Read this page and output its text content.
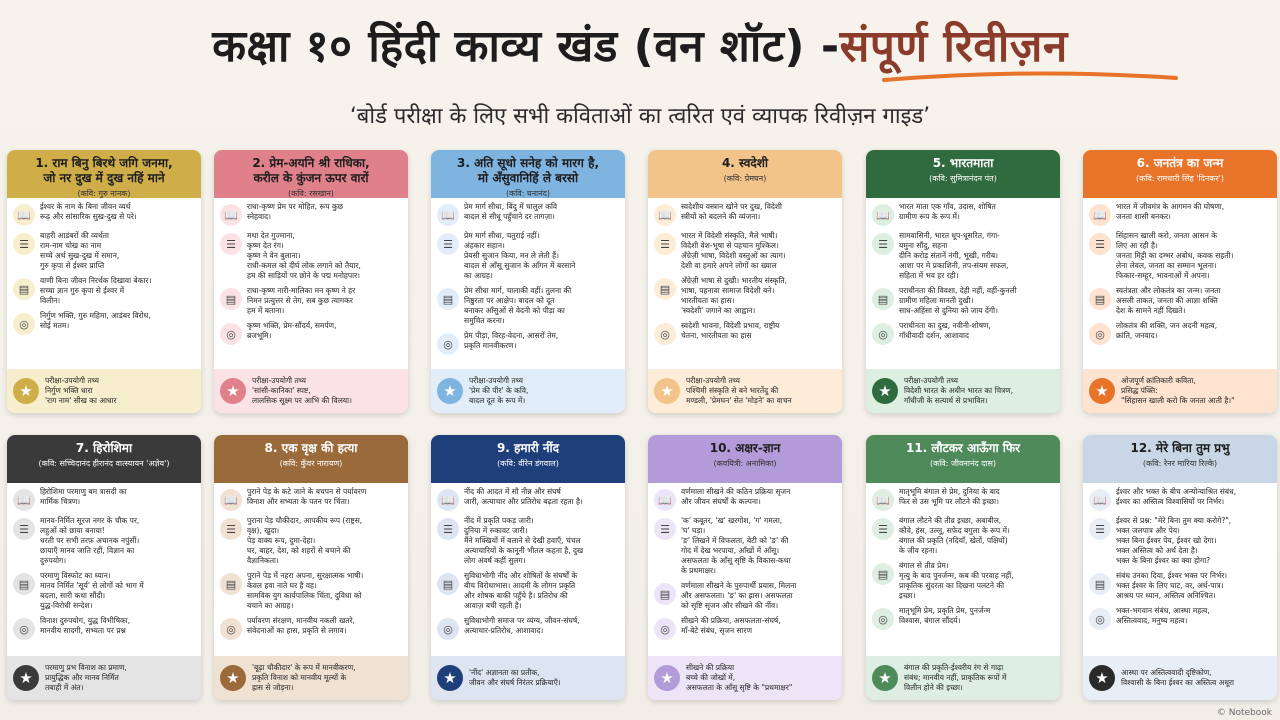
कक्षा १० हिंदी काव्य खंड (वन शॉट) -संपूर्ण रिवीज़न
‘बोर्ड परीक्षा के लिए सभी कविताओं का त्वरित एवं व्यापक रिवीज़न गाइड’
1. राम बिनु बिरथे जगि जनमा,
जो नर दुख में दुख नहिं माने
(कवि: गुरु नानक)
📖
ईश्वर के नाम के बिना जीवन व्यर्थ
रूढ़ और सांसारिक सुख-दुख से परे।
☰
बाहरी आडंबरों की व्यर्थता
राम-नाम चोख का नाम
सच्चे अर्थ सुख-दुख में समान,
गुरु कृपा से ईश्वर प्राप्ति
▤
वाणी बिना जीवन निरर्थक दिखावा बेकार।
सच्चा ज्ञान गुरु कृपा से ईश्वर में
विलीन।
◎
निर्गुण भक्ति, गुरु महिमा, आडंबर विरोध,
सोई मतम।
★
परीक्षा-उपयोगी तथ्य
निर्गुण भक्ति धारा
'राग नाम' सीख का आधार
2. प्रेम-अयनि श्री राधिका,
करील के कुंजन ऊपर वारों
(कवि: रसखान)
📖
राधा-कृष्ण प्रेम पर मोहित, रूप कुछ
स्नेहवाद।
☰
मथा देत गुज्माना,
कृष्ण देत रंग।
कृष्ण ने वेन बुलाना।
राधी-कमल को दीर्घ लोक लगाने को तैयार,
हम की साड़ियों पर छोने के पद्म मनोहपार।
▤
राधा-कृष्ण नारी-मालिका मन कृष्ण ने हर
निमन प्रत्युत्तर से तेग, सब कुछ त्यागकर
हम में बताना।
◎
कृष्ण भक्ति, प्रेम-सौंदर्य, समर्पण,
ब्रजभूमि।
★
परीक्षा-उपयोगी तथ्य
'सांसी-कानिका' स्पष्ट,
लालसिक सूक्ष्म पर आभि की विलया।
3. अति सूधो सनेह को मारग है,
मो अँसुवानिहिं ले बरसो
(कवि: घनानंद)
📖
प्रेम मार्ग सीधा, बिंदु में चालुल कवि
बादल से सीधू पहुँचाने दर तागज़ा।
☰
प्रेम मार्ग सीधा, चतुराई नहीं।
अंहकार सहान।
प्रेयसी सुजान किया, मन ले लेती हैं।
बादल से आँसू सुजान के आँगन में बरसाने
का आग्रह।
▤
प्रेम सीधा मार्ग, चालाकी वहीं। तुलना की
निष्ठुरता पर आक्षेप। बादल को दूत
बनाकर आँसुओं से वेदनी को पीड़ा का
समुचित करना।
◎
प्रेम पीड़ा, विरह-वेदना, आसरों तेम,
प्रकृति मानवीकरण।
★
परीक्षा-उपयोगी तथ्य
'प्रेम की पीर' के कवि,
बादल दूत के रूप में।
4. स्वदेशी
(कवि: प्रेमघन)
📖
स्वदेशीय वस्त्रान खोने पर दुख, विदेशी
स्त्रीयों को बदलने की व्यंजना।
☰
भारत में विदेशी संस्कृति, मैले भाषी।
विदेशी वेश-भूषा से पहचान मुश्किल।
अँग्रेज़ी भाषा, विदेशी वस्तुओं का त्याग।
देशी वा हमारे अपने लोगों का ख्याल
▤
अँग्रेज़ी भाषा से दुखी। भारतीय संस्कृति,
भाषा, पहनावा सामाज विदेशी बने।
भारतीयता का हास।
'स्वदेशी' जगाने का आह्वान।
◎
स्वदेशी भावना, विदेशी प्रभाव, राष्ट्रीय
चेतना, भारतीयता का हास
★
परीक्षा-उपयोगी तथ्य
पश्चिमी संस्कृति से बने भारतेंदु की
मण्डली, 'प्रेमघन' सेत 'मोड़ने' का वाचन
5. भारतमाता
(कवि: सुमित्रानंदन पंत)
📖
भारत माता एक गाँव, उदास, शोषित
ग्रामीण रूप के रूप में।
☰
सामवासिनी, भारत धूप-धूसरित, गंगा-
यमुना सौंदु, सहना
दीनि करोड़ संतानें नंगी, भूखी, गरीब।
आशा पर मे प्रकाशिनी, तप-संयम सफल,
सहिता में भव हर रही।
▤
पराधीनता की विवशा, देही नहीं, वहीं-कुनली
ग्रामीण महिला मानती दुखी।
साध-अहिंसा से दुनिया को जाय देंगी।
◎
पराधीनता का दुख, नवीनी-शोषण,
गाँधीवादी दर्शन, आशावाद
★
परीक्षा-उपयोगी तथ्य
विदेशी भारत के अधीन भारत का चित्रण,
गाँधीजी के सत्यार्थ से प्रभावित।
6. जनतंत्र का जन्म
(कवि: रामधारी सिंह 'दिनकर')
📖
भारत में जीवमंत्र के आगमन की घोषणा,
जनता शासी बनकर।
☰
सिंहासन खाली करो, जनता आसन के
लिए आ रही है।
जनता मिट्टी का दम्भर अबोध, कवक सहती।
लेना लेवल, जनता का सम्मान भूलना।
फिकार-सम्हूर, भावनाओं में अपना।
▤
स्वतंत्रता और लोकतंत्र का जन्म। जनता
असली ताकत, जनता की आज्ञा शक्ति
देश के सामने नहीं दिखते।
◎
लोकतंत्र की शक्ति, जन अदनी महत्व,
क्रांति, जनवाद।
★
ओजपूर्ण क्रांतिकारी कविता,
प्रसिद्ध पंक्ति:
"सिंहासन खाली करो कि जनता आती है।"
7. हिरोशिमा
(कवि: सच्चिदानंद हीरानंद वात्स्यायन 'अज्ञेय')
📖
हिरोशिमा परमाणु बम त्रासदी का
मार्मिक चित्रण।
☰
मानव-निर्मित सूरज नगर के चौक पर,
लहुओं को छाया बनाया!
धरती पर सभी तरफ़ अचानक नपुंसीं।
छायाएँ मानव जाति रहीं, विज्ञान का
दुरुपयोग।
▤
परमाणु विस्फोट का ध्यान।
मानव निर्मित 'सूर्य' से लोगों को भाग में
बदला, सारी कथा सौंदी।
युद्ध-विरोधी सन्देश।
◎
विनाश दुरुपयोग, युद्ध विभीषिका,
मानवीय सादगी, सभ्यता पर प्रश्न
★
परमाणु प्रभ विनाश का प्रमाण,
प्रायुद्धिक और मानव निर्मित
तबाही में अंत।
8. एक वृक्ष की हत्या
(कवि: कुँवर नारायण)
📖
पुराने पेड़ के कटे जाने के बचपन से पर्यावरण
विनाश और सभ्यता के पतन पर चिंता।
☰
पुराना पेड़ चौकीदार, आपकीय रूप (राष्ट्रस,
वृक्ष), खुदा।
पेड़ वाक्य रूप, दुमा-देहा।
घर, बाहर, देश, को शहरों से बचाने की
वैज्ञानिकता।
▤
पुराने पेड़ में नहरा अपना, सुरक्षात्मक भाषी।
केवल हवा नाते घर है वह।
सामविक युग कार्यपालिक चिंता, दुविधा को
बचाने का आग्रह।
◎
पर्यावरण संरक्षण, मानवीय नकली खतरे,
संवेदनाओं का हास, प्रकृति से लगाव।
★
'बूढ़ा चौकीदार' के रूप में मानवीकरण,
प्रकृति विनाश को मानवीय मूल्यों के
ह्रास से जोड़ना।
9. हमारी नींद
(कवि: वीरेन डंगवाल)
📖
नींद की आदत में सौ नीन्न और संघर्ष
जारी, अत्याचार और प्रतिरोध बढ़ता रहता है।
☰
नींद में प्रकृति पकड़ जारी।
दुनिया में रुकावट जारी।
मैंने मक्खियों में बलाने से देखी हवाएँ, चंचल
अत्याचारियों के कानूनी भीतल कहना है, दुख
लोग अंवर्ष कहीं सुलग।
▤
सुविधाभोगी नींद और शोषितों के संघर्षों के
बीच विरोधाभास। आदमी के लोगन प्रकृति
और शोषक बाकी पहुँचे है। प्रतिरोध की
आवाज़ बची रहती है।
◎
सुविधाभोगी समाज पर व्यंग्य, जीवन-संघर्ष,
अत्याचार-प्रतिरोध, आशावाद।
★	'नींद' अज्ञानता का प्रतीक,
जीवन और संघर्ष निरंतर प्रक्रियाएँ।
10. अक्षर-ज्ञान
(कवयित्री: अनामिका)
📖
वर्णमाला सीखने की कठिन प्रक्रिया सृजन
और जीवन संघर्षों के कल्पना।
☰
'क' कबूतर, 'ख' खरगोश, 'ग' गमला,
'घ' घड़ा।
'ङ' लिखने में विफलता, बेटी को 'ङ' की
गोद में देख भरपाया, आँखों में आँसू।
असफलता के आँसू सृष्टि के विकास-कथा
के प्रथमाक्षर।
▤
वर्णमाला सीखने के पुरुपार्थी प्रयास, मिलना
और असफलता। 'ङ' का ह्रास। असफलता
को सृष्टि सृजन और सीखने की नींव।
◎
सीखने की प्रक्रिया, असफलता-संघर्ष,
माँ-बेटे संबंध, सृजन सारण
★
सीखने की प्रक्रिया
बच्चे की जोखों में,
असफलता के आँसू सृष्टि के "प्रथमाक्षर"
11. लौटकर आऊँगा फिर
(कवि: जीवनानंद दास)
📖
मातृभूमि बंगाल से प्रेम, दुनिया के बाद
फिर से उस भूमि पर लौटने की इच्छा।
☰
बंगाल लौटने की तीव्र इच्छा, अबाबील,
कौवे, हंस, उल्लू, सफ़ेद बगुला के रूप में।
बंगाल की प्रकृति (नदियाँ, खेतों, पक्षियों)
के जीव रहना।
▤
बंगाल से तीव्र प्रेम।
मृत्यु के बाद पुनर्जन्म, कब की परवाह नहीं,
प्राकृतिक सुंदरता का दिखना पलटने की
इच्छा।
◎
मातृभूमि प्रेम, प्रकृति प्रेम, पुनर्जन्म
विश्वास, बंगाल सौंदर्य।
★
बंगाल की प्रकृति-ईश्वरीय रंग से गाढ़ा
संबंध; मानवीय नहीं, प्राकृतिक रूपों में
विलीन होने की इच्छा।
12. मेरे बिना तुम प्रभु
(कवि: रेनर मारिया रिल्के)
📖
ईश्वर और भक्त के बीच अन्योन्याश्रित संबंध,
ईश्वर का अस्तित्व विश्वासियों पर निर्भर।
☰
ईश्वर से प्रश्न: "मेरे बिना तुम क्या करोगे?",
भक्त जलपात्र और पेय।
भक्त बिना ईश्वर पेय, ईश्वर खो देगा।
भक्त अस्तित्व को अर्थ देता है।
भक्त के बिना ईश्वर का क्या होगा?
▤
संबंध उनका दिया, ईश्वर भक्त पर निर्भर।
भक्त ईश्वर के लिए घाट, वर, अर्थ-पात्र।
आश्रय पर ध्यान, अस्तित्व अनिश्चित।
◎
भक्त-भगवान संबंध, आस्था महत्व,
अस्तित्ववाद, मनुष्य महत्व।
★	आस्था पर अस्तित्ववादी दृष्टिकोण,
विश्वासी के बिना ईश्वर का अस्तित्व अधूरा
© Notebook
